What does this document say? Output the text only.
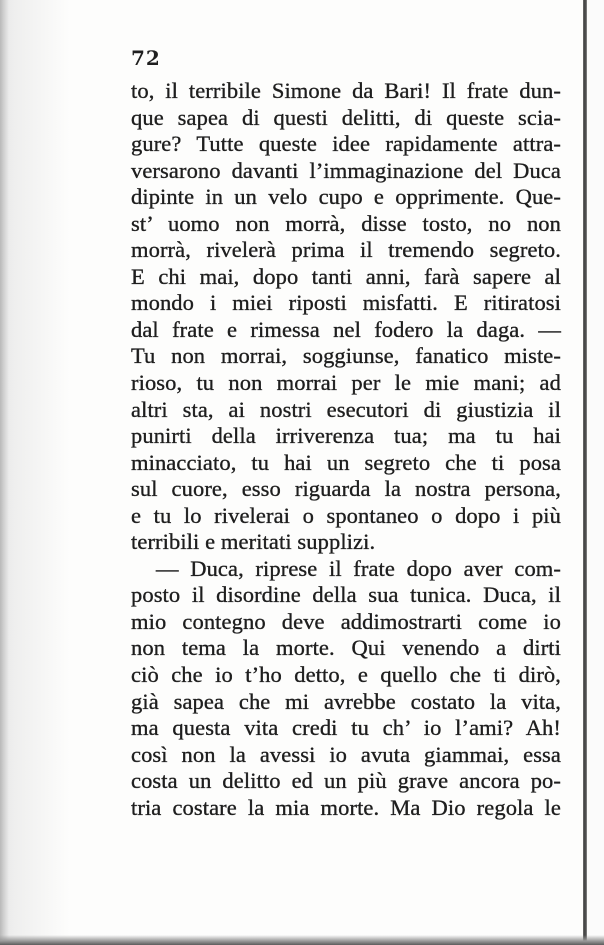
72
to, il terribile Simone da Bari! Il frate dun-
que sapea di questi delitti, di queste scia-
gure? Tutte queste idee rapidamente attra-
versarono davanti l’immaginazione del Duca
dipinte in un velo cupo e opprimente. Que-
st’ uomo non morrà, disse tosto, no non
morrà, rivelerà prima il tremendo segreto.
E chi mai, dopo tanti anni, farà sapere al
mondo i miei riposti misfatti. E ritiratosi
dal frate e rimessa nel fodero la daga. —
Tu non morrai, soggiunse, fanatico miste-
rioso, tu non morrai per le mie mani; ad
altri sta, ai nostri esecutori di giustizia il
punirti della irriverenza tua; ma tu hai
minacciato, tu hai un segreto che ti posa
sul cuore, esso riguarda la nostra persona,
e tu lo rivelerai o spontaneo o dopo i più
terribili e meritati supplizi.
— Duca, riprese il frate dopo aver com-
posto il disordine della sua tunica. Duca, il
mio contegno deve addimostrarti come io
non tema la morte. Qui venendo a dirti
ciò che io t’ho detto, e quello che ti dirò,
già sapea che mi avrebbe costato la vita,
ma questa vita credi tu ch’ io l’ami? Ah!
così non la avessi io avuta giammai, essa
costa un delitto ed un più grave ancora po-
tria costare la mia morte. Ma Dio regola le
